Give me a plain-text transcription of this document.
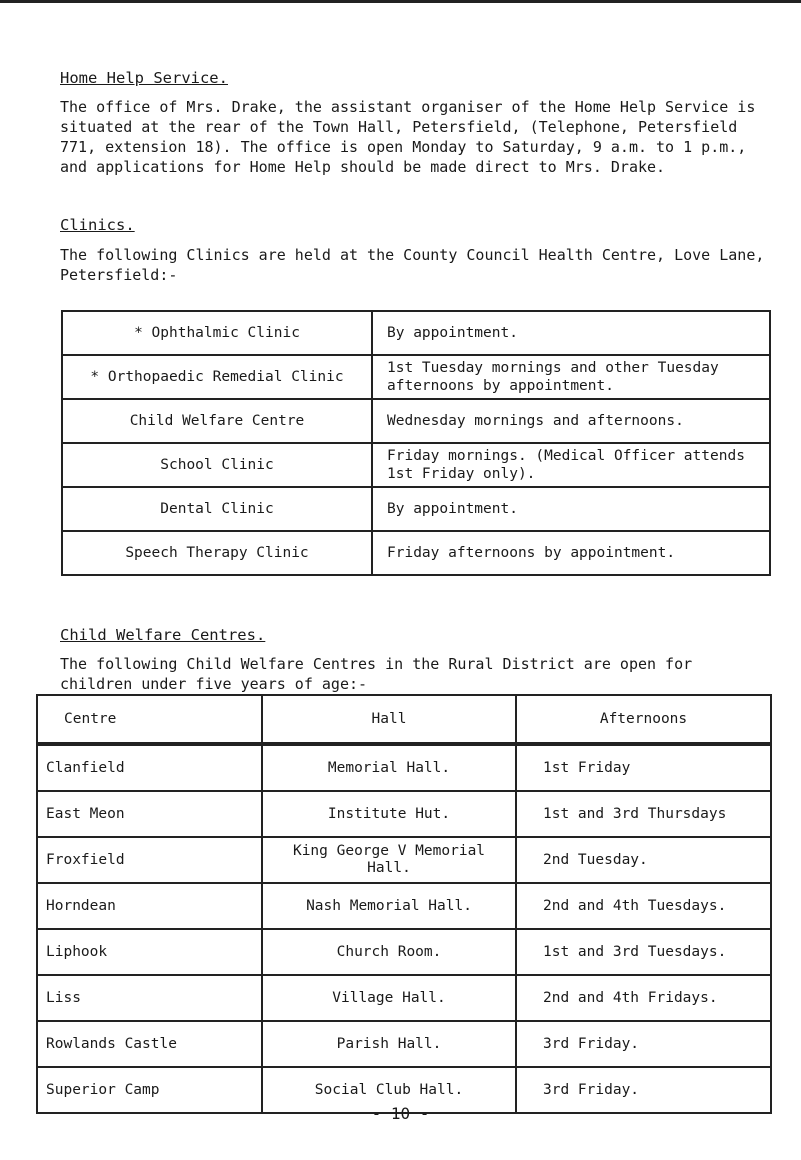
Home Help Service.
The office of Mrs. Drake, the assistant organiser of the Home Help Service is situated at the rear of the Town Hall, Petersfield, (Telephone, Petersfield 771, extension 18). The office is open Monday to Saturday, 9 a.m. to 1 p.m., and applications for Home Help should be made direct to Mrs. Drake.
Clinics.
The following Clinics are held at the County Council Health Centre, Love Lane, Petersfield:-
* Ophthalmic Clinic	By appointment.
* Orthopaedic Remedial Clinic	1st Tuesday mornings and other Tuesday afternoons by appointment.
Child Welfare Centre	Wednesday mornings and afternoons.
School Clinic	Friday mornings. (Medical Officer attends 1st Friday only).
Dental Clinic	By appointment.
Speech Therapy Clinic	Friday afternoons by appointment.
Child Welfare Centres.
The following Child Welfare Centres in the Rural District are open for children under five years of age:-
Centre	Hall	Afternoons
Clanfield	Memorial Hall.	1st Friday
East Meon	Institute Hut.	1st and 3rd Thursdays
Froxfield	King George V Memorial Hall.	2nd Tuesday.
Horndean	Nash Memorial Hall.	2nd and 4th Tuesdays.
Liphook	Church Room.	1st and 3rd Tuesdays.
Liss	Village Hall.	2nd and 4th Fridays.
Rowlands Castle	Parish Hall.	3rd Friday.
Superior Camp	Social Club Hall.	3rd Friday.
- 10 -
